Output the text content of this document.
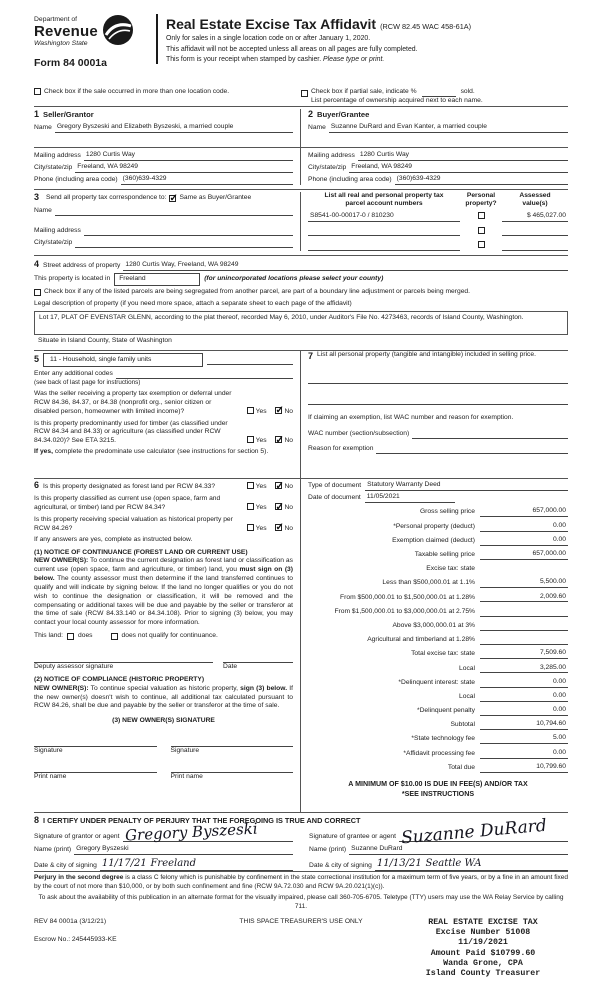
Department of
Revenue
Washington State
Form 84 0001a
Real Estate Excise Tax Affidavit (RCW 82.45 WAC 458-61A)
Only for sales in a single location code on or after January 1, 2020.
This affidavit will not be accepted unless all areas on all pages are fully completed.
This form is your receipt when stamped by cashier. Please type or print.
Check box if the sale occurred in more than one location code.	Check box if partial sale, indicate %	sold.
List percentage of ownership acquired next to each name.
1 Seller/Grantor
Name Gregory Byszeski and Elizabeth Byszeski, a married couple
2 Buyer/Grantee
Name Suzanne DuRard and Evan Kanter, a married couple
Mailing address 1280 Curtis Way
City/state/zip Freeland, WA 98249
Phone (including area code) (360)639-4329
Mailing address 1280 Curtis Way
City/state/zip Freeland, WA 98249
Phone (including area code) (360)639-4329
3 Send all property tax correspondence to: ✓ Same as Buyer/Grantee
Name
Mailing address
City/state/zip
List all real and personal property tax
parcel account numbers
Personal
property?
Assessed
value(s)
S8541-00-00017-0 / 810230	$ 465,027.00
4 Street address of property 1280 Curtis Way, Freeland, WA 98249
This property is located in	Freeland	(for unincorporated locations please select your county)
Check box if any of the listed parcels are being segregated from another parcel, are part of a boundary line adjustment or parcels being merged.
Legal description of property (if you need more space, attach a separate sheet to each page of the affidavit)
Lot 17, PLAT OF EVENSTAR GLENN, according to the plat thereof, recorded May 6, 2010, under Auditor's File No. 4273463, records of Island County, Washington.
Situate in Island County, State of Washington
5	11 - Household, single family units
Enter any additional codes
(see back of last page for instructions)
Was the seller receiving a property tax exemption or deferral under RCW 84.36, 84.37, or 84.38 (nonprofit org., senior citizen or disabled person, homeowner with limited income)?	Yes ✓	No
Is this property predominantly used for timber (as classified under RCW 84.34 and 84.33) or agriculture (as classified under RCW 84.34.020)? See ETA 3215.	Yes ✓	No
If yes, complete the predominate use calculator (see instructions for section 5).
7 List all personal property (tangible and intangible) included in selling price.
If claiming an exemption, list WAC number and reason for exemption.
WAC number (section/subsection)
Reason for exemption
6 Is this property designated as forest land per RCW 84.33?	Yes ✓	No
Is this property classified as current use (open space, farm and agricultural, or timber) land per RCW 84.34?	Yes ✓	No
Is this property receiving special valuation as historical property per RCW 84.26?	Yes ✓	No
If any answers are yes, complete as instructed below.
(1) NOTICE OF CONTINUANCE (FOREST LAND OR CURRENT USE)
NEW OWNER(S): To continue the current designation as forest land or classification as current use (open space, farm and agriculture, or timber) land, you must sign on (3) below. The county assessor must then determine if the land transferred continues to qualify and will indicate by signing below. If the land no longer qualifies or you do not wish to continue the designation or classification, it will be removed and the compensating or additional taxes will be due and payable by the seller or transferor at the time of sale (RCW 84.33.140 or 84.34.108). Prior to signing (3) below, you may contact your local county assessor for more information.
This land: does	does not qualify for continuance.
Deputy assessor signature	Date
(2) NOTICE OF COMPLIANCE (HISTORIC PROPERTY)
NEW OWNER(S): To continue special valuation as historic property, sign (3) below. If the new owner(s) doesn't wish to continue, all additional tax calculated pursuant to RCW 84.26, shall be due and payable by the seller or transferor at the time of sale.
(3) NEW OWNER(S) SIGNATURE
Signature	Signature
Print name	Print name
Type of document Statutory Warranty Deed
Date of document 11/05/2021
Gross selling price	657,000.00
*Personal property (deduct)	0.00
Exemption claimed (deduct)	0.00
Taxable selling price	657,000.00
Excise tax: state
Less than $500,000.01 at 1.1%	5,500.00
From $500,000.01 to $1,500,000.01 at 1.28%	2,009.60
From $1,500,000.01 to $3,000,000.01 at 2.75%
Above $3,000,000.01 at 3%
Agricultural and timberland at 1.28%
Total excise tax: state	7,509.60
Local	3,285.00
*Delinquent interest: state	0.00
Local	0.00
*Delinquent penalty	0.00
Subtotal	10,794.60
*State technology fee	5.00
*Affidavit processing fee	0.00
Total due	10,799.60
A MINIMUM OF $10.00 IS DUE IN FEE(S) AND/OR TAX
*SEE INSTRUCTIONS
8 I CERTIFY UNDER PENALTY OF PERJURY THAT THE FOREGOING IS TRUE AND CORRECT
Signature of grantor or agent Gregory Byszeski
Name (print) Gregory Byszeski
Date & city of signing 11/17/21 Freeland
Signature of grantee or agent Suzanne DuRard
Name (print) Suzanne DuRard
Date & city of signing 11/13/21 Seattle WA
Perjury in the second degree is a class C felony which is punishable by confinement in the state correctional institution for a maximum term of five years, or by a fine in an amount fixed by the court of not more than $10,000, or by both such confinement and fine (RCW 9A.72.030 and RCW 9A.20.021(1)(c)).
To ask about the availability of this publication in an alternate format for the visually impaired, please call 360-705-6705. Teletype (TTY) users may use the WA Relay Service by calling 711.
REV 84 0001a (3/12/21)
Escrow No.: 245445933-KE
THIS SPACE TREASURER'S USE ONLY	REAL ESTATE EXCISE TAX
Excise Number 51008
11/19/2021
Amount Paid $10799.60
Wanda Grone, CPA
Island County Treasurer
